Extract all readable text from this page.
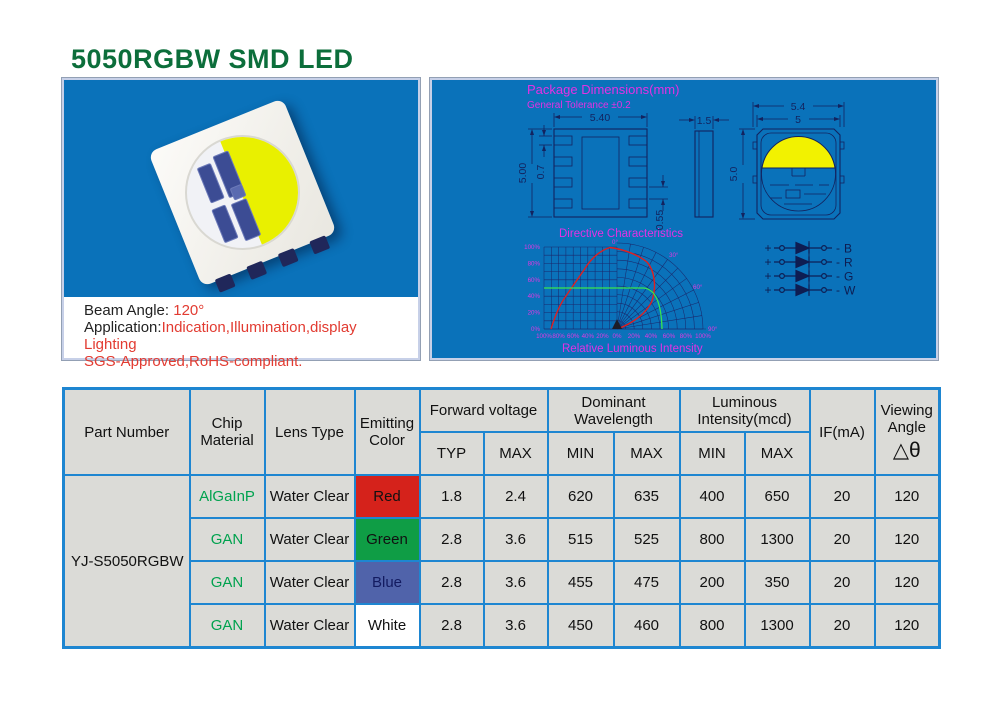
5050RGBW SMD LED
Beam Angle: 120°
Application:Indication,Illumination,display Lighting
SGS-Approved,RoHS-compliant.
Package Dimensions(mm)
General Tolerance ±0.2
5.40
5.00 0.7
0.55
1.5
5.4
5
5.0
Directive Characteristics
100%
80%
60%
40%
20%
0%
100% 80% 60% 40% 20% 0% 20% 40% 60% 80% 100%
0°
30°
60°
90°
Relative Luminous Intensity
+	- B
+	- R
+	- G
+	- W
Part Number	Chip Material	Lens Type	Emitting Color	Forward voltage		Dominant Wavelength		Luminous Intensity(mcd)		IF(mA)	Viewing Angle
△θ

				TYP	MAX	MIN	MAX	MIN	MAX		
YJ-S5050RGBW	AlGaInP	Water Clear	Red	1.8	2.4	620	635	400	650	20	120
	GAN	Water Clear	Green	2.8	3.6	515	525	800	1300	20	120
	GAN	Water Clear	Blue	2.8	3.6	455	475	200	350	20	120
	GAN	Water Clear	White	2.8	3.6	450	460	800	1300	20	120
